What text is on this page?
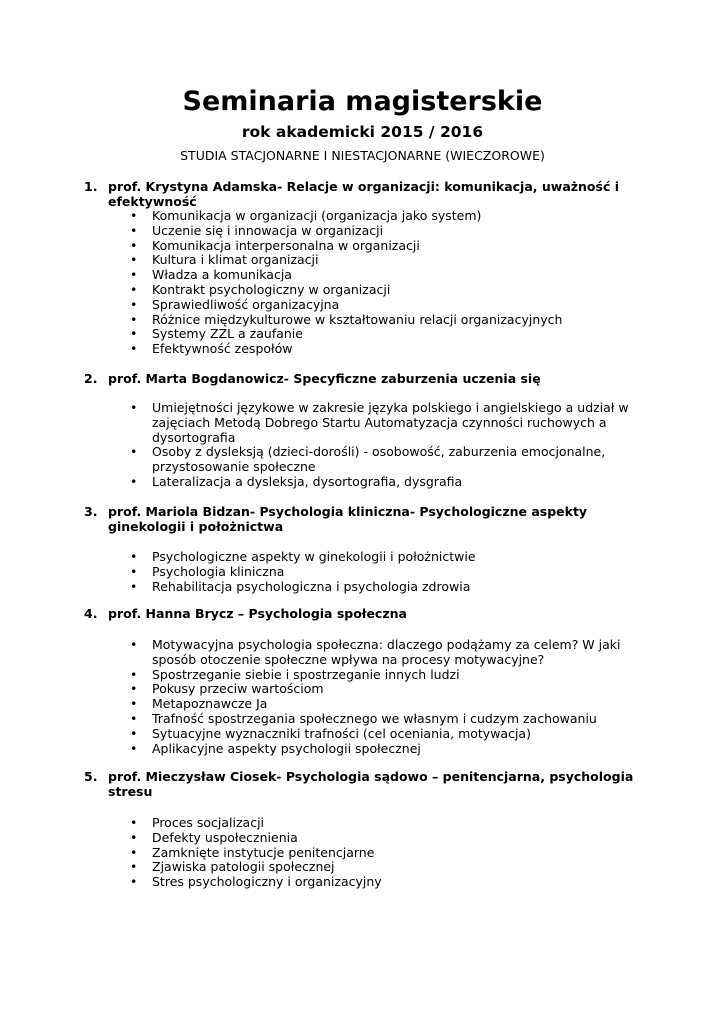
Seminaria magisterskie
rok akademicki 2015 / 2016
STUDIA STACJONARNE I NIESTACJONARNE (WIECZOROWE)
1. prof. Krystyna Adamska- Relacje w organizacji: komunikacja, uważność i efektywność
• Komunikacja w organizacji (organizacja jako system)
• Uczenie się i innowacja w organizacji
• Komunikacja interpersonalna w organizacji
• Kultura i klimat organizacji
• Władza a komunikacja
• Kontrakt psychologiczny w organizacji
• Sprawiedliwość organizacyjna
• Różnice międzykulturowe w kształtowaniu relacji organizacyjnych
• Systemy ZZL a zaufanie
• Efektywność zespołów
2. prof. Marta Bogdanowicz- Specyficzne zaburzenia uczenia się
• Umiejętności językowe w zakresie języka polskiego i angielskiego a udział w zajęciach Metodą Dobrego Startu Automatyzacja czynności ruchowych a dysortografia
• Osoby z dysleksją (dzieci-dorośli) - osobowość, zaburzenia emocjonalne, przystosowanie społeczne
• Lateralizacja a dysleksja, dysortografia, dysgrafia
3. prof. Mariola Bidzan- Psychologia kliniczna- Psychologiczne aspekty ginekologii i położnictwa
• Psychologiczne aspekty w ginekologii i położnictwie
• Psychologia kliniczna
• Rehabilitacja psychologiczna i psychologia zdrowia
4. prof. Hanna Brycz – Psychologia społeczna
• Motywacyjna psychologia społeczna: dlaczego podążamy za celem? W jaki sposób otoczenie społeczne wpływa na procesy motywacyjne?
• Spostrzeganie siebie i spostrzeganie innych ludzi
• Pokusy przeciw wartościom
• Metapoznawcze Ja
• Trafność spostrzegania społecznego we własnym i cudzym zachowaniu
• Sytuacyjne wyznaczniki trafności (cel oceniania, motywacja)
• Aplikacyjne aspekty psychologii społecznej
5. prof. Mieczysław Ciosek- Psychologia sądowo – penitencjarna, psychologia stresu
• Proces socjalizacji
• Defekty uspołecznienia
• Zamknięte instytucje penitencjarne
• Zjawiska patologii społecznej
• Stres psychologiczny i organizacyjny
